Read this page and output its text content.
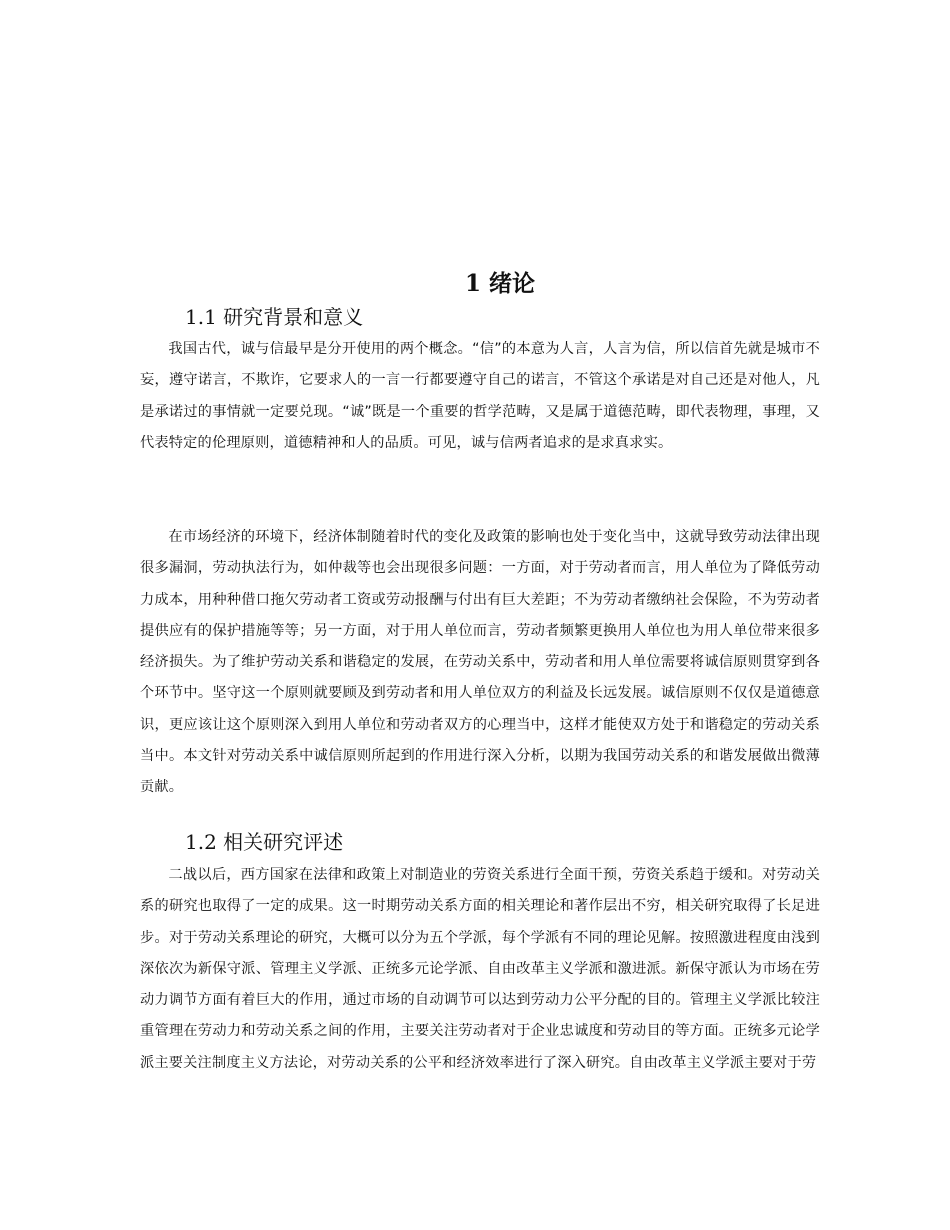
1 绪论
1.1 研究背景和意义

我国古代，诚与信最早是分开使用的两个概念。“信”的本意为人言，人言为信，所以信首先就是城市不妄，遵守诺言，不欺诈，它要求人的一言一行都要遵守自己的诺言，不管这个承诺是对自己还是对他人，凡是承诺过的事情就一定要兑现。“诚”既是一个重要的哲学范畴，又是属于道德范畴，即代表物理，事理，又代表特定的伦理原则，道德精神和人的品质。可见，诚与信两者追求的是求真求实。

在市场经济的环境下，经济体制随着时代的变化及政策的影响也处于变化当中，这就导致劳动法律出现很多漏洞，劳动执法行为，如仲裁等也会出现很多问题：一方面，对于劳动者而言，用人单位为了降低劳动力成本，用种种借口拖欠劳动者工资或劳动报酬与付出有巨大差距；不为劳动者缴纳社会保险，不为劳动者提供应有的保护措施等等；另一方面，对于用人单位而言，劳动者频繁更换用人单位也为用人单位带来很多经济损失。为了维护劳动关系和谐稳定的发展，在劳动关系中，劳动者和用人单位需要将诚信原则贯穿到各个环节中。坚守这一个原则就要顾及到劳动者和用人单位双方的利益及长远发展。诚信原则不仅仅是道德意识，更应该让这个原则深入到用人单位和劳动者双方的心理当中，这样才能使双方处于和谐稳定的劳动关系当中。本文针对劳动关系中诚信原则所起到的作用进行深入分析，以期为我国劳动关系的和谐发展做出微薄贡献。

1.2 相关研究评述

二战以后，西方国家在法律和政策上对制造业的劳资关系进行全面干预，劳资关系趋于缓和。对劳动关系的研究也取得了一定的成果。这一时期劳动关系方面的相关理论和著作层出不穷，相关研究取得了长足进步。对于劳动关系理论的研究，大概可以分为五个学派，每个学派有不同的理论见解。按照激进程度由浅到深依次为新保守派、管理主义学派、正统多元论学派、自由改革主义学派和激进派。新保守派认为市场在劳动力调节方面有着巨大的作用，通过市场的自动调节可以达到劳动力公平分配的目的。管理主义学派比较注重管理在劳动力和劳动关系之间的作用，主要关注劳动者对于企业忠诚度和劳动目的等方面。正统多元论学派主要关注制度主义方法论，对劳动关系的公平和经济效率进行了深入研究。自由改革主义学派主要对于劳
